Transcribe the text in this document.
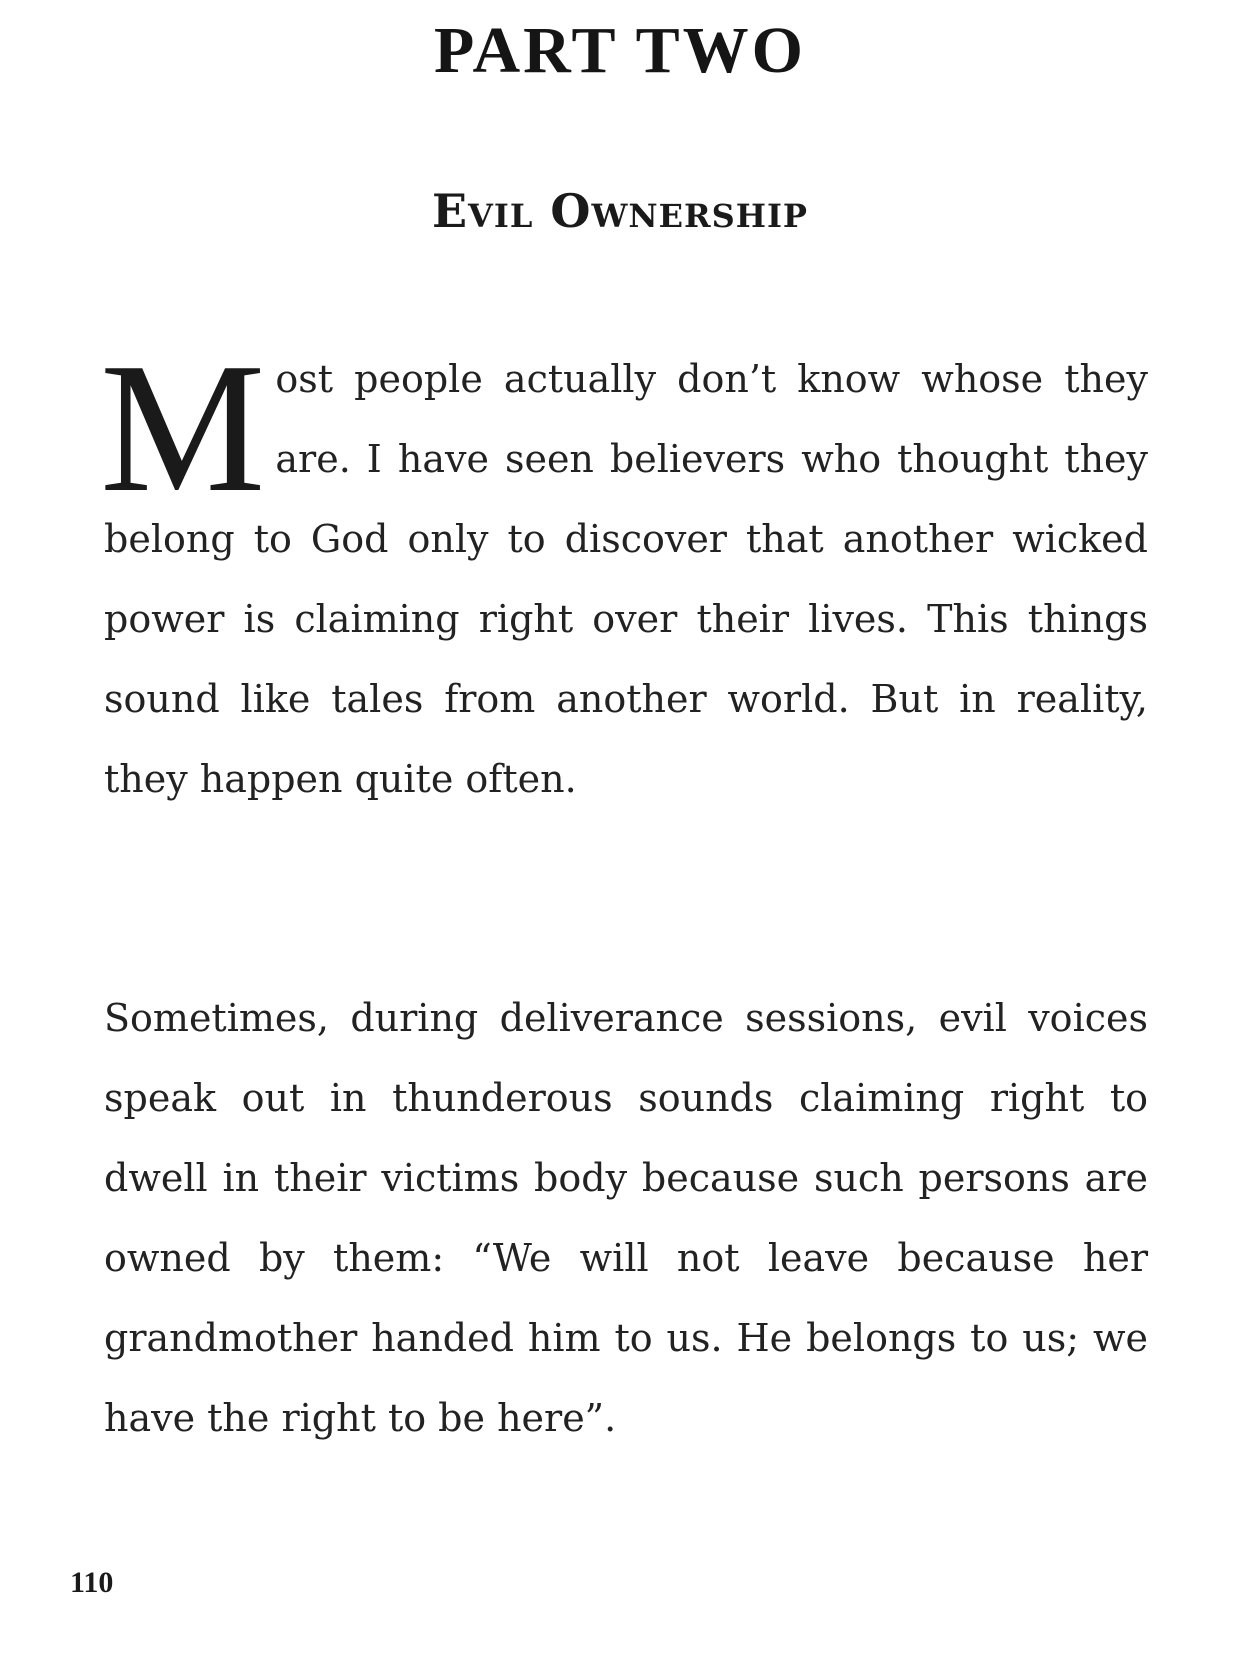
PART TWO
Evil Ownership

Most people actually don’t know whose they are. I have seen believers who thought they belong to God only to discover that another wicked power is claiming right over their lives. This things sound like tales from another world. But in reality, they happen quite often.

Sometimes, during deliverance sessions, evil voices speak out in thunderous sounds claiming right to dwell in their victims body because such persons are owned by them: “We will not leave because her grandmother handed him to us. He belongs to us; we have the right to be here”.

110
